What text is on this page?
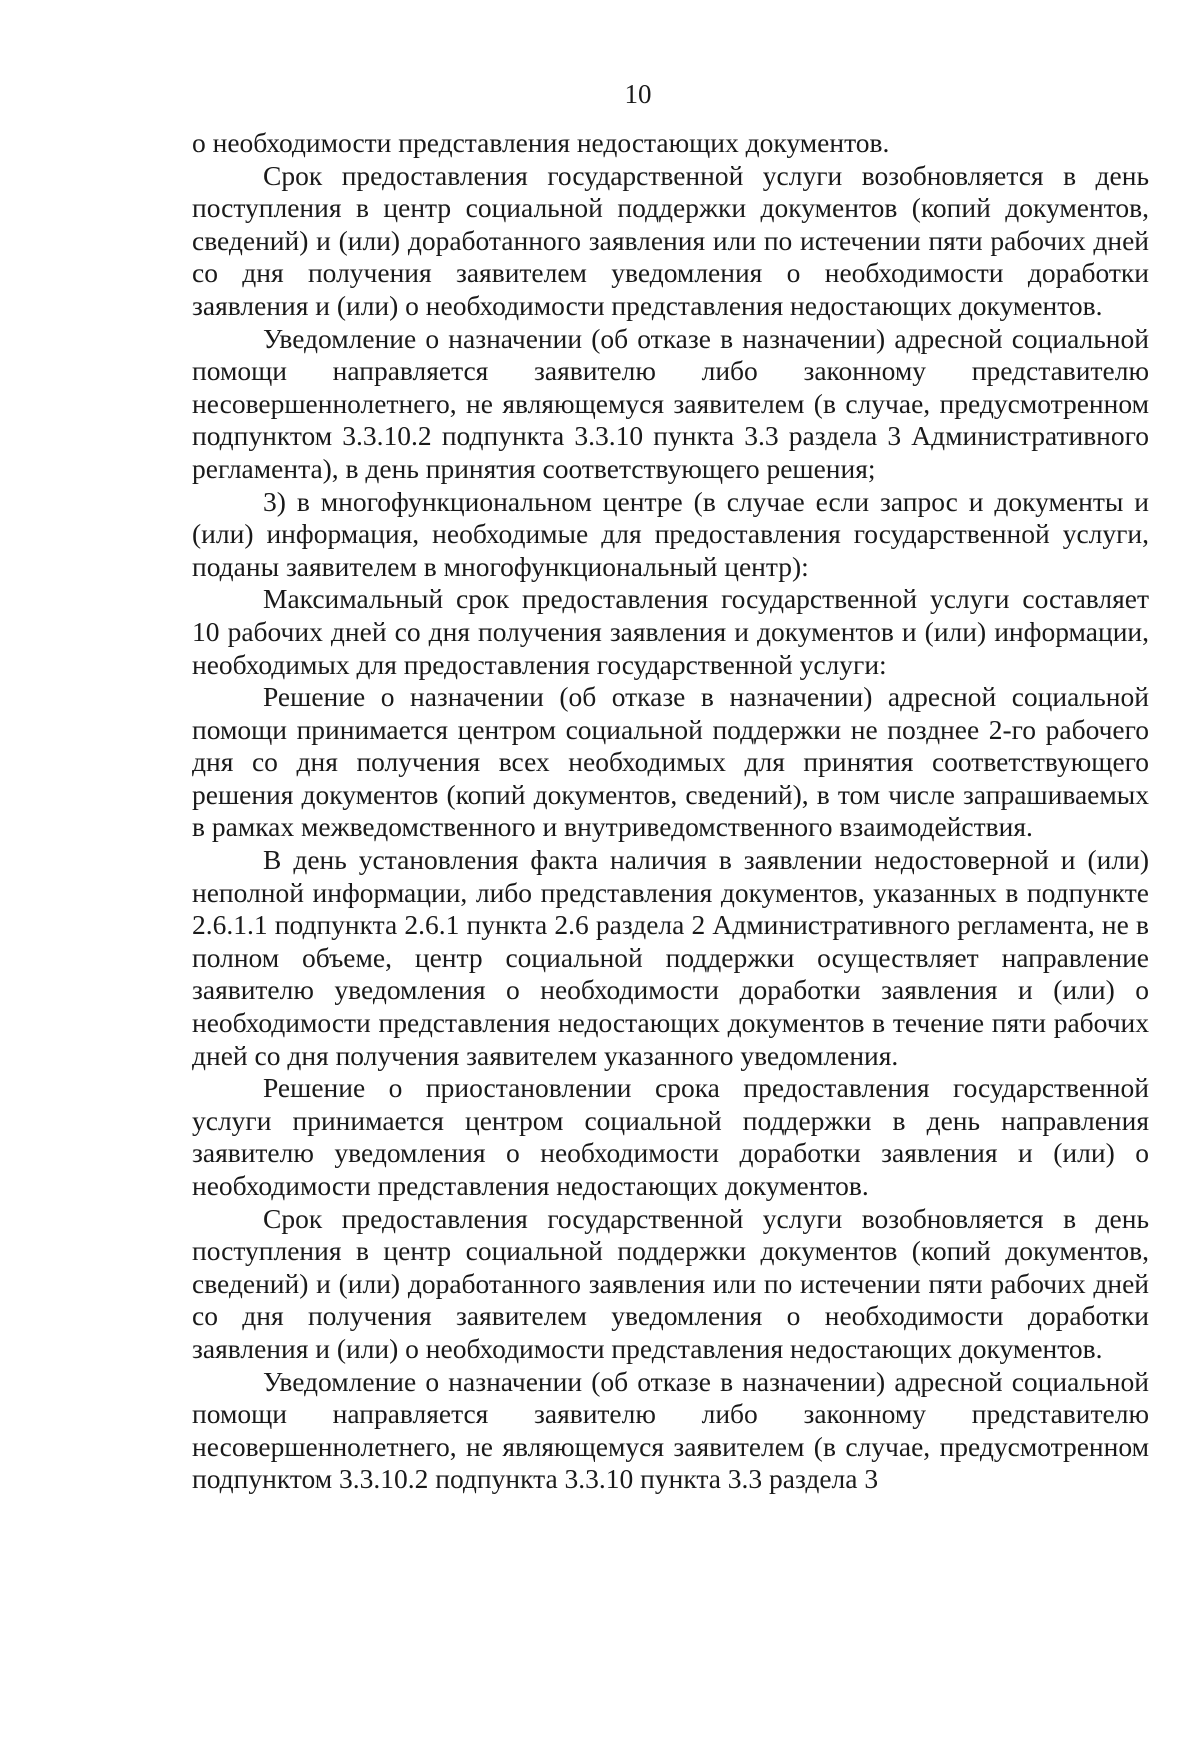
10

о необходимости представления недостающих документов.

Срок предоставления государственной услуги возобновляется в день поступления в центр социальной поддержки документов (копий документов, сведений) и (или) доработанного заявления или по истечении пяти рабочих дней со дня получения заявителем уведомления о необходимости доработки заявления и (или) о необходимости представления недостающих документов.

Уведомление о назначении (об отказе в назначении) адресной социальной помощи направляется заявителю либо законному представителю несовершеннолетнего, не являющемуся заявителем (в случае, предусмотренном подпунктом 3.3.10.2 подпункта 3.3.10 пункта 3.3 раздела 3 Административного регламента), в день принятия соответствующего решения;

3) в многофункциональном центре (в случае если запрос и документы и (или) информация, необходимые для предоставления государственной услуги, поданы заявителем в многофункциональный центр):

Максимальный срок предоставления государственной услуги составляет 10 рабочих дней со дня получения заявления и документов и (или) информации, необходимых для предоставления государственной услуги:

Решение о назначении (об отказе в назначении) адресной социальной помощи принимается центром социальной поддержки не позднее 2-го рабочего дня со дня получения всех необходимых для принятия соответствующего решения документов (копий документов, сведений), в том числе запрашиваемых в рамках межведомственного и внутриведомственного взаимодействия.

В день установления факта наличия в заявлении недостоверной и (или) неполной информации, либо представления документов, указанных в подпункте 2.6.1.1 подпункта 2.6.1 пункта 2.6 раздела 2 Административного регламента, не в полном объеме, центр социальной поддержки осуществляет направление заявителю уведомления о необходимости доработки заявления и (или) о необходимости представления недостающих документов в течение пяти рабочих дней со дня получения заявителем указанного уведомления.

Решение о приостановлении срока предоставления государственной услуги принимается центром социальной поддержки в день направления заявителю уведомления о необходимости доработки заявления и (или) о необходимости представления недостающих документов.

Срок предоставления государственной услуги возобновляется в день поступления в центр социальной поддержки документов (копий документов, сведений) и (или) доработанного заявления или по истечении пяти рабочих дней со дня получения заявителем уведомления о необходимости доработки заявления и (или) о необходимости представления недостающих документов.

Уведомление о назначении (об отказе в назначении) адресной социальной помощи направляется заявителю либо законному представителю несовершеннолетнего, не являющемуся заявителем (в случае, предусмотренном подпунктом 3.3.10.2 подпункта 3.3.10 пункта 3.3 раздела 3
